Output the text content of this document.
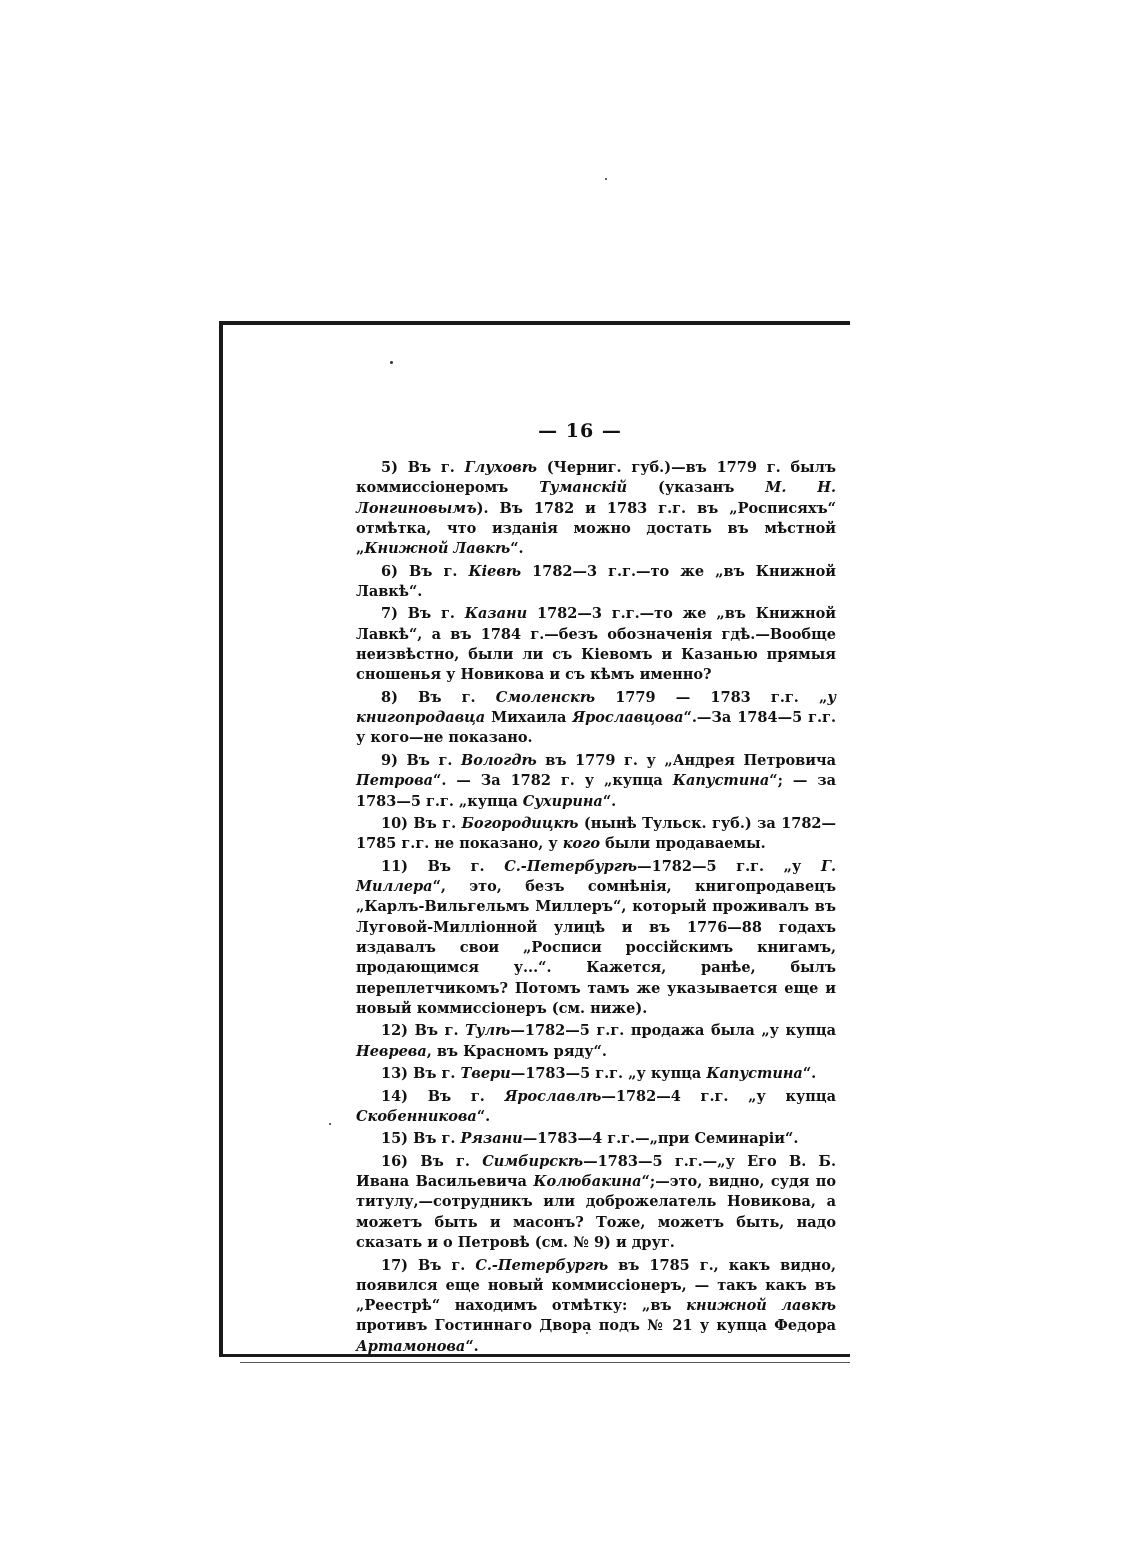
— 16 —

5) Въ г. Глуховѣ (Черниг. губ.)—въ 1779 г. былъ коммиссіонеромъ Туманскій (указанъ М. Н. Лонгиновымъ). Въ 1782 и 1783 г.г. въ „Росписяхъ“ отмѣтка, что изданія можно достать въ мѣстной „Книжной Лавкѣ“.

6) Въ г. Кіевѣ 1782—3 г.г.—то же „въ Книжной Лавкѣ“.

7) Въ г. Казани 1782—3 г.г.—то же „въ Книжной Лавкѣ“, а въ 1784 г.—безъ обозначенія гдѣ.—Вообще неизвѣстно, были ли съ Кіевомъ и Казанью прямыя сношенья у Новикова и съ кѣмъ именно?

8) Въ г. Смоленскѣ 1779 — 1783 г.г. „у книгопродавца Михаила Ярославцова“.—За 1784—5 г.г. у кого—не показано.

9) Въ г. Вологдѣ въ 1779 г. у „Андрея Петровича Петрова“. — За 1782 г. у „купца Капустина“; — за 1783—5 г.г. „купца Сухирина“.

10) Въ г. Богородицкѣ (нынѣ Тульск. губ.) за 1782—1785 г.г. не показано, у кого были продаваемы.

11) Въ г. С.-Петербургѣ—1782—5 г.г. „у Г. Миллера“, это, безъ сомнѣнія, книгопродавецъ „Карлъ-Вильгельмъ Миллеръ“, который проживалъ въ Луговой-Милліонной улицѣ и въ 1776—88 годахъ издавалъ свои „Росписи россійскимъ книгамъ, продающимся у...“. Кажется, ранѣе, былъ переплетчикомъ? Потомъ тамъ же указывается еще и новый коммиссіонеръ (см. ниже).

12) Въ г. Тулѣ—1782—5 г.г. продажа была „у купца Неврева, въ Красномъ ряду“.

13) Въ г. Твери—1783—5 г.г. „у купца Капустина“.

14) Въ г. Ярославлѣ—1782—4 г.г. „у купца Скобенникова“.

15) Въ г. Рязани—1783—4 г.г.—„при Семинаріи“.

16) Въ г. Симбирскѣ—1783—5 г.г.—„у Его В. Б. Ивана Васильевича Колюбакина“;—это, видно, судя по титулу,—сотрудникъ или доброжелатель Новикова, а можетъ быть и масонъ? Тоже, можетъ быть, надо сказать и о Петровѣ (см. № 9) и друг.

17) Въ г. С.-Петербургѣ въ 1785 г., какъ видно, появился еще новый коммиссіонеръ, — такъ какъ въ „Реестрѣ“ находимъ отмѣтку: „въ книжной лавкѣ противъ Гостиннаго Двора подъ № 21 у купца Федора Артамонова“.
